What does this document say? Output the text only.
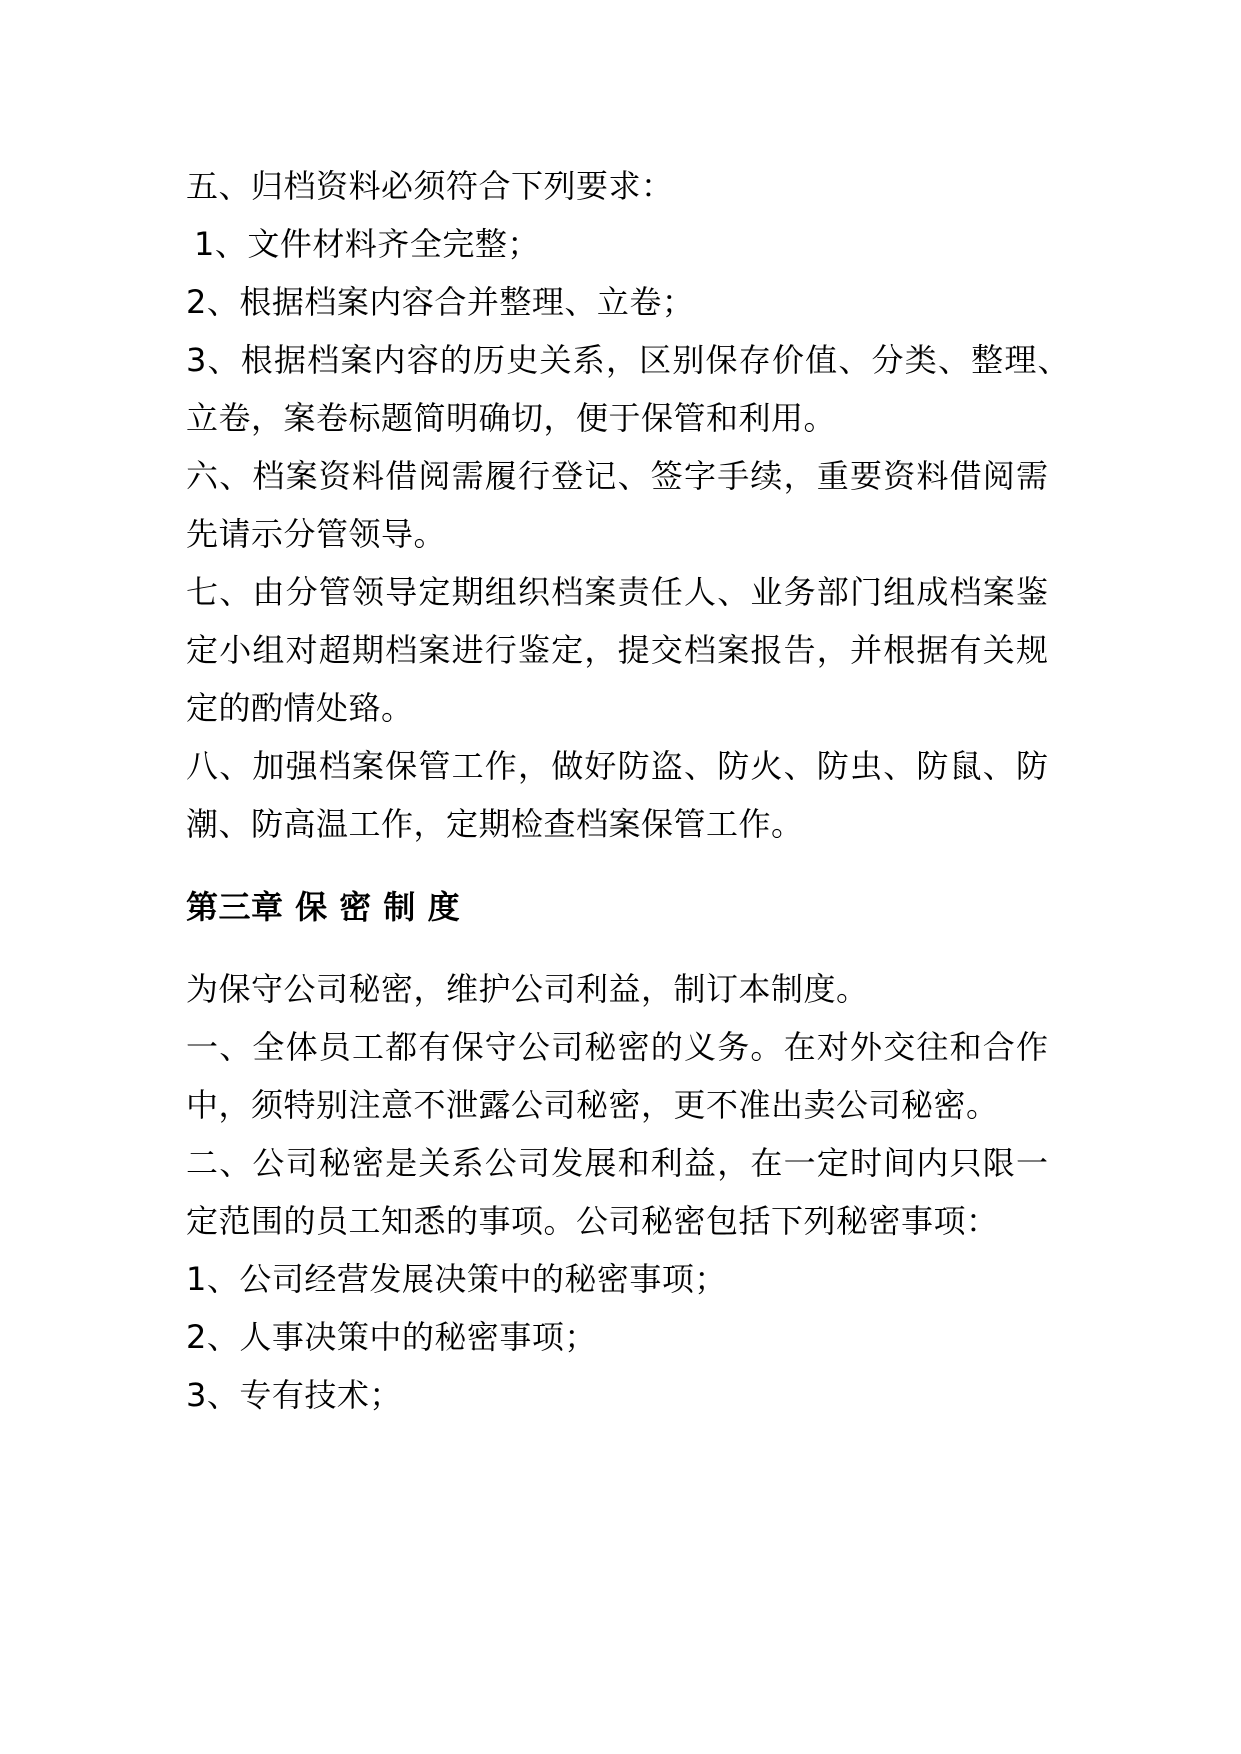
五、归档资料必须符合下列要求：
1、文件材料齐全完整；
2、根据档案内容合并整理、立卷；
3、根据档案内容的历史关系，区别保存价值、分类、整理、
立卷，案卷标题简明确切，便于保管和利用。
六、档案资料借阅需履行登记、签字手续，重要资料借阅需
先请示分管领导。
七、由分管领导定期组织档案责任人、业务部门组成档案鉴
定小组对超期档案进行鉴定，提交档案报告，并根据有关规
定的酌情处臵。
八、加强档案保管工作，做好防盗、防火、防虫、防鼠、防
潮、防高温工作，定期检查档案保管工作。
第三章 保 密 制 度
为保守公司秘密，维护公司利益，制订本制度。
一、全体员工都有保守公司秘密的义务。在对外交往和合作
中，须特别注意不泄露公司秘密，更不准出卖公司秘密。
二、公司秘密是关系公司发展和利益，在一定时间内只限一
定范围的员工知悉的事项。公司秘密包括下列秘密事项：
1、公司经营发展决策中的秘密事项；
2、人事决策中的秘密事项；
3、专有技术；
